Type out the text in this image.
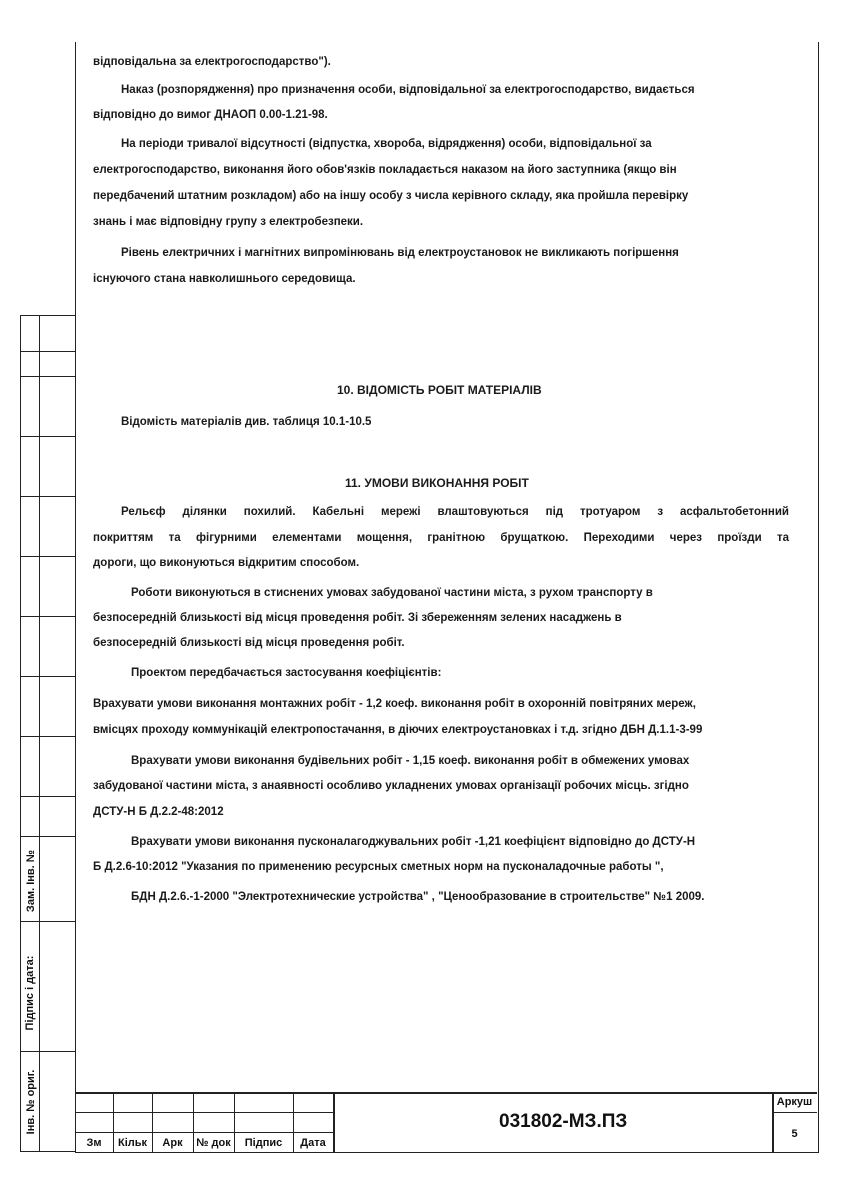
відповідальна за електрогосподарство").
Наказ (розпорядження) про призначення особи, відповідальної за електрогосподарство, видається
відповідно до вимог ДНАОП 0.00-1.21-98.
На періоди тривалої відсутності (відпустка, хвороба, відрядження) особи, відповідальної за
електрогосподарство, виконання його обов'язків покладається наказом на його заступника (якщо він
передбачений штатним розкладом) або на іншу особу з числа керівного складу, яка пройшла перевірку
знань і має відповідну групу з електробезпеки.
Рівень електричних і магнітних випромінювань від електроустановок не викликають погіршення
існуючого стана навколишнього середовища.
10. ВІДОМІСТЬ РОБІТ МАТЕРІАЛІВ
Відомість матеріалів див. таблиця 10.1-10.5
11. УМОВИ ВИКОНАННЯ РОБІТ
Рельєф ділянки похилий. Кабельні мережі влаштовуються під тротуаром з асфальтобетонний
покриттям та фігурними елементами мощення, гранітною брущаткою. Переходими через проїзди та
дороги, що виконуються відкритим способом.
Роботи виконуються в стиснених умовах забудованої частини міста, з рухом транспорту в
безпосередній близькості від місця проведення робіт. Зі збереженням зелених насаджень в
безпосередній близькості від місця проведення робіт.
Проектом передбачається застосування коефіцієнтів:
Врахувати умови виконання монтажних робіт - 1,2 коеф. виконання робіт в охоронній повітряних мереж,
вмісцях проходу коммунікацій електропостачання, в діючих електроустановках і т.д. згідно ДБН Д.1.1-3-99
Врахувати умови виконання будівельних робіт - 1,15 коеф. виконання робіт в обмежених умовах
забудованої частини міста, з анаявності особливо укладнених умовах організації робочих місць. згідно
ДСТУ-Н Б Д.2.2-48:2012
Врахувати умови виконання пусконалагоджувальних робіт -1,21 коефіцієнт відповідно до ДСТУ-Н
Б Д.2.6-10:2012 "Указания по применению ресурсных сметных норм на пусконаладочные работы ",
БДН Д.2.6.-1-2000 "Электротехнические устройства" , "Ценообразование в строительстве" №1 2009.
Інв. № оpиг.
Підпис і дата:
Зам. Інв. №
Зм	Кільк	Арк	№ док	Підпис	Дата
031802-МЗ.ПЗ
Аркуш
5
